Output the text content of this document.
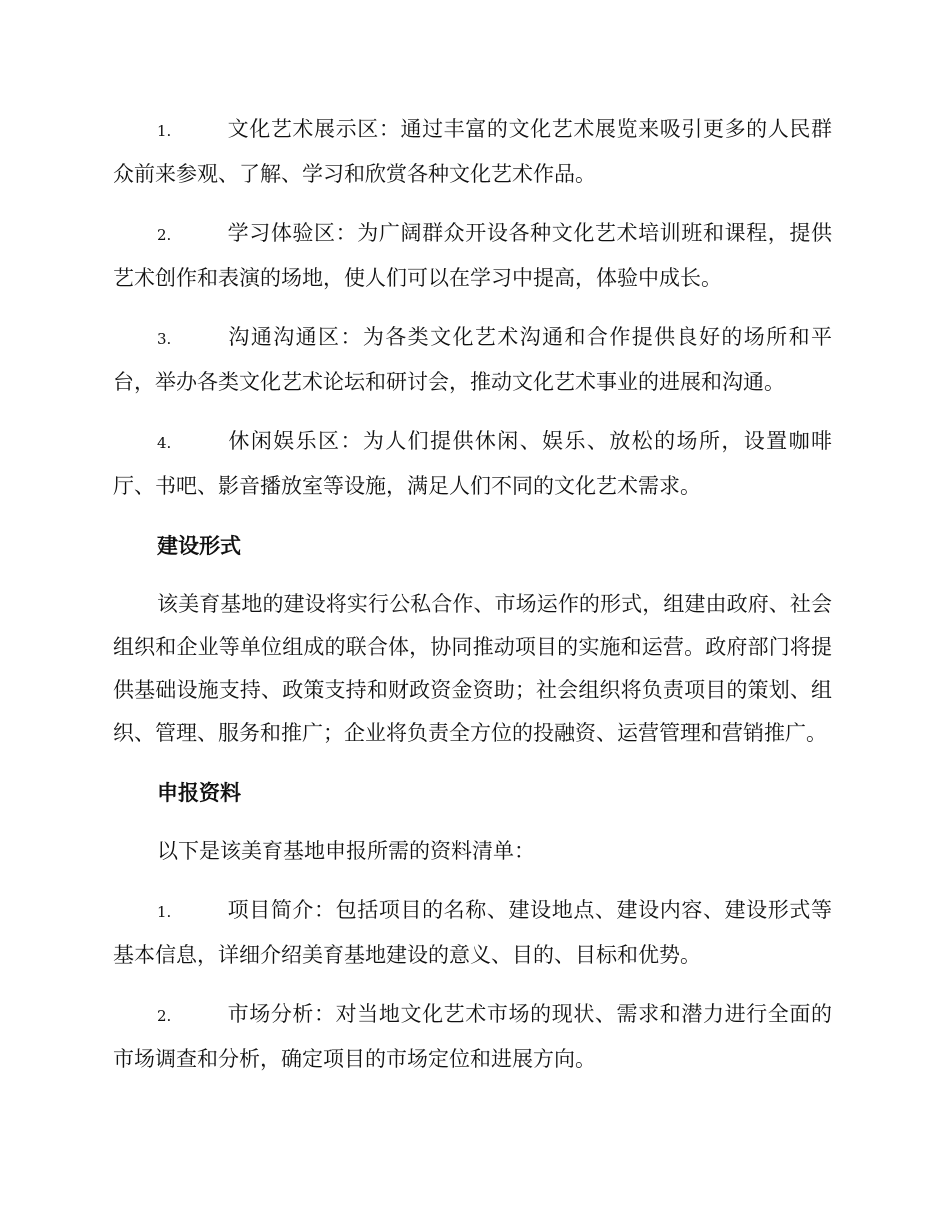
1.	文化艺术展示区：通过丰富的文化艺术展览来吸引更多的人民群众前来参观、了解、学习和欣赏各种文化艺术作品。

2.	学习体验区：为广阔群众开设各种文化艺术培训班和课程，提供艺术创作和表演的场地，使人们可以在学习中提高，体验中成长。

3.	沟通沟通区：为各类文化艺术沟通和合作提供良好的场所和平台，举办各类文化艺术论坛和研讨会，推动文化艺术事业的进展和沟通。

4.	休闲娱乐区：为人们提供休闲、娱乐、放松的场所，设置咖啡厅、书吧、影音播放室等设施，满足人们不同的文化艺术需求。

建设形式

该美育基地的建设将实行公私合作、市场运作的形式，组建由政府、社会组织和企业等单位组成的联合体，协同推动项目的实施和运营。政府部门将提供基础设施支持、政策支持和财政资金资助；社会组织将负责项目的策划、组织、管理、服务和推广；企业将负责全方位的投融资、运营管理和营销推广。

申报资料

以下是该美育基地申报所需的资料清单：

1.	项目简介：包括项目的名称、建设地点、建设内容、建设形式等基本信息，详细介绍美育基地建设的意义、目的、目标和优势。

2.	市场分析：对当地文化艺术市场的现状、需求和潜力进行全面的市场调查和分析，确定项目的市场定位和进展方向。
